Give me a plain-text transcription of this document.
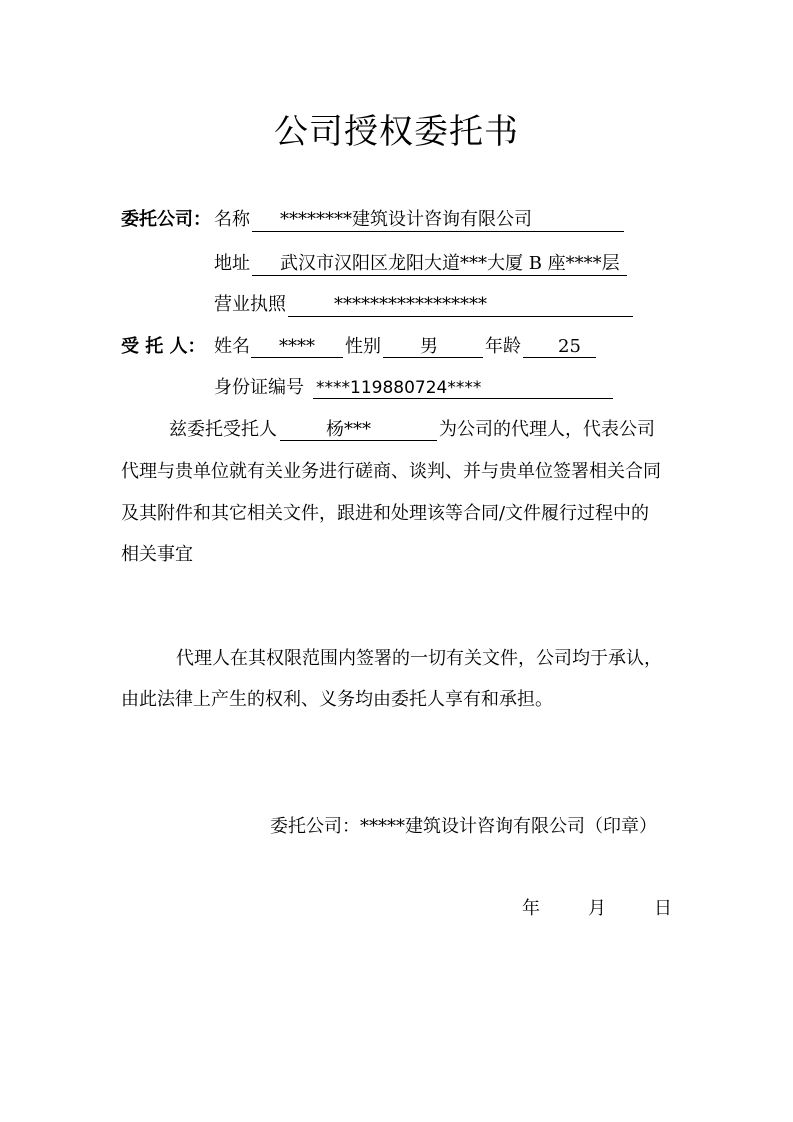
公司授权委托书
委托公司： 名称 ********建筑设计咨询有限公司
地址 武汉市汉阳区龙阳大道***大厦 B 座****层
营业执照	*****************
受 托 人： 姓名 **** 性别 男	年龄 25
身份证编号 ****119880724****
兹委托受托人	杨***	为公司的代理人，代表公司
代理与贵单位就有关业务进行磋商、谈判、并与贵单位签署相关合同
及其附件和其它相关文件，跟进和处理该等合同/文件履行过程中的
相关事宜
代理人在其权限范围内签署的一切有关文件，公司均于承认，
由此法律上产生的权利、义务均由委托人享有和承担。
委托公司：*****建筑设计咨询有限公司（印章）
年	月	日
